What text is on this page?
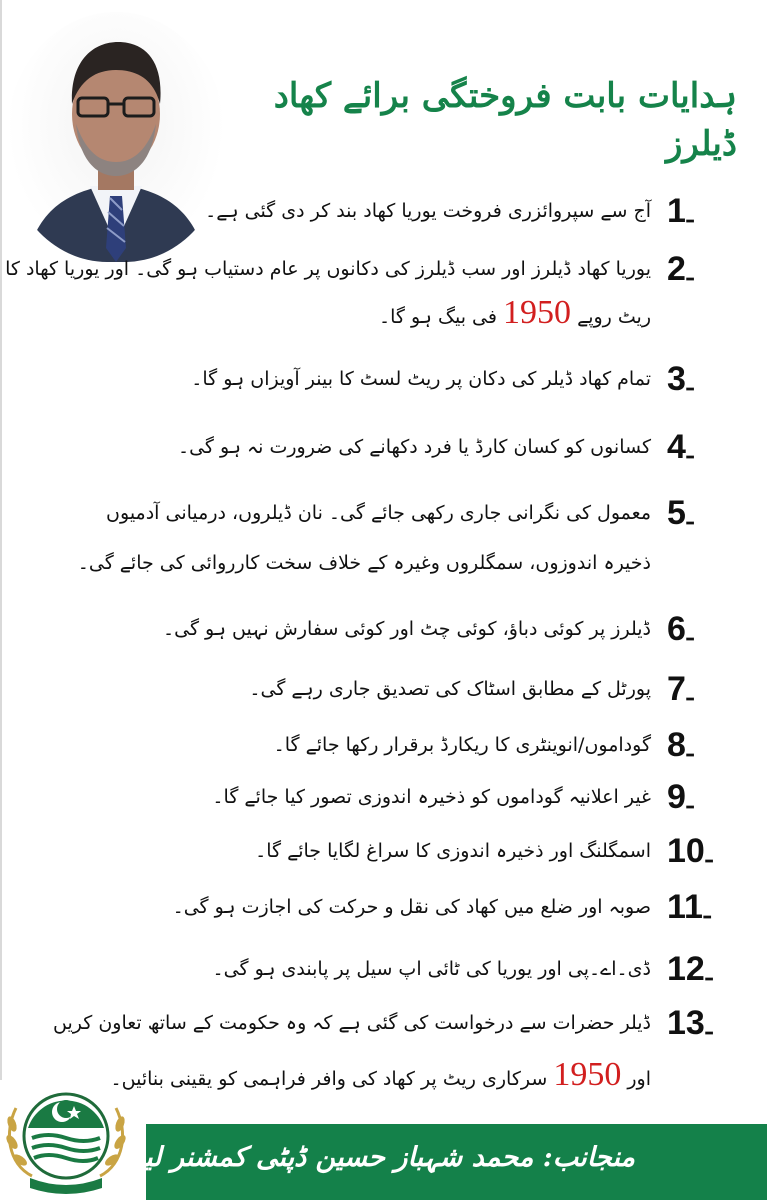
ہدایات بابت فروختگی برائے کھاد ڈیلرز
1ـ
آج سے سپروائزری فروخت یوریا کھاد بند کر دی گئی ہے۔
2ـ
یوریا کھاد ڈیلرز اور سب ڈیلرز کی دکانوں پر عام دستیاب ہو گی۔ اور یوریا کھاد کا
ریٹ روپے 1950 فی بیگ ہو گا۔
3ـ
تمام کھاد ڈیلر کی دکان پر ریٹ لسٹ کا بینر آویزاں ہو گا۔
4ـ
کسانوں کو کسان کارڈ یا فرد دکھانے کی ضرورت نہ ہو گی۔
5ـ
معمول کی نگرانی جاری رکھی جائے گی۔ نان ڈیلروں، درمیانی آدمیوں
ذخیرہ اندوزوں، سمگلروں وغیرہ کے خلاف سخت کارروائی کی جائے گی۔
6ـ
ڈیلرز پر کوئی دباؤ، کوئی چٹ اور کوئی سفارش نہیں ہو گی۔
7ـ
پورٹل کے مطابق اسٹاک کی تصدیق جاری رہے گی۔
8ـ
گوداموں/انوینٹری کا ریکارڈ برقرار رکھا جائے گا۔
9ـ
غیر اعلانیہ گوداموں کو ذخیرہ اندوزی تصور کیا جائے گا۔
10ـ
اسمگلنگ اور ذخیرہ اندوزی کا سراغ لگایا جائے گا۔
11ـ
صوبہ اور ضلع میں کھاد کی نقل و حرکت کی اجازت ہو گی۔
12ـ
ڈی۔اے۔پی اور یوریا کی ٹائی اپ سیل پر پابندی ہو گی۔
13ـ
ڈیلر حضرات سے درخواست کی گئی ہے کہ وہ حکومت کے ساتھ تعاون کریں
اور 1950 سرکاری ریٹ پر کھاد کی وافر فراہمی کو یقینی بنائیں۔
منجانب: محمد شہباز حسین ڈپٹی کمشنر لیہ
